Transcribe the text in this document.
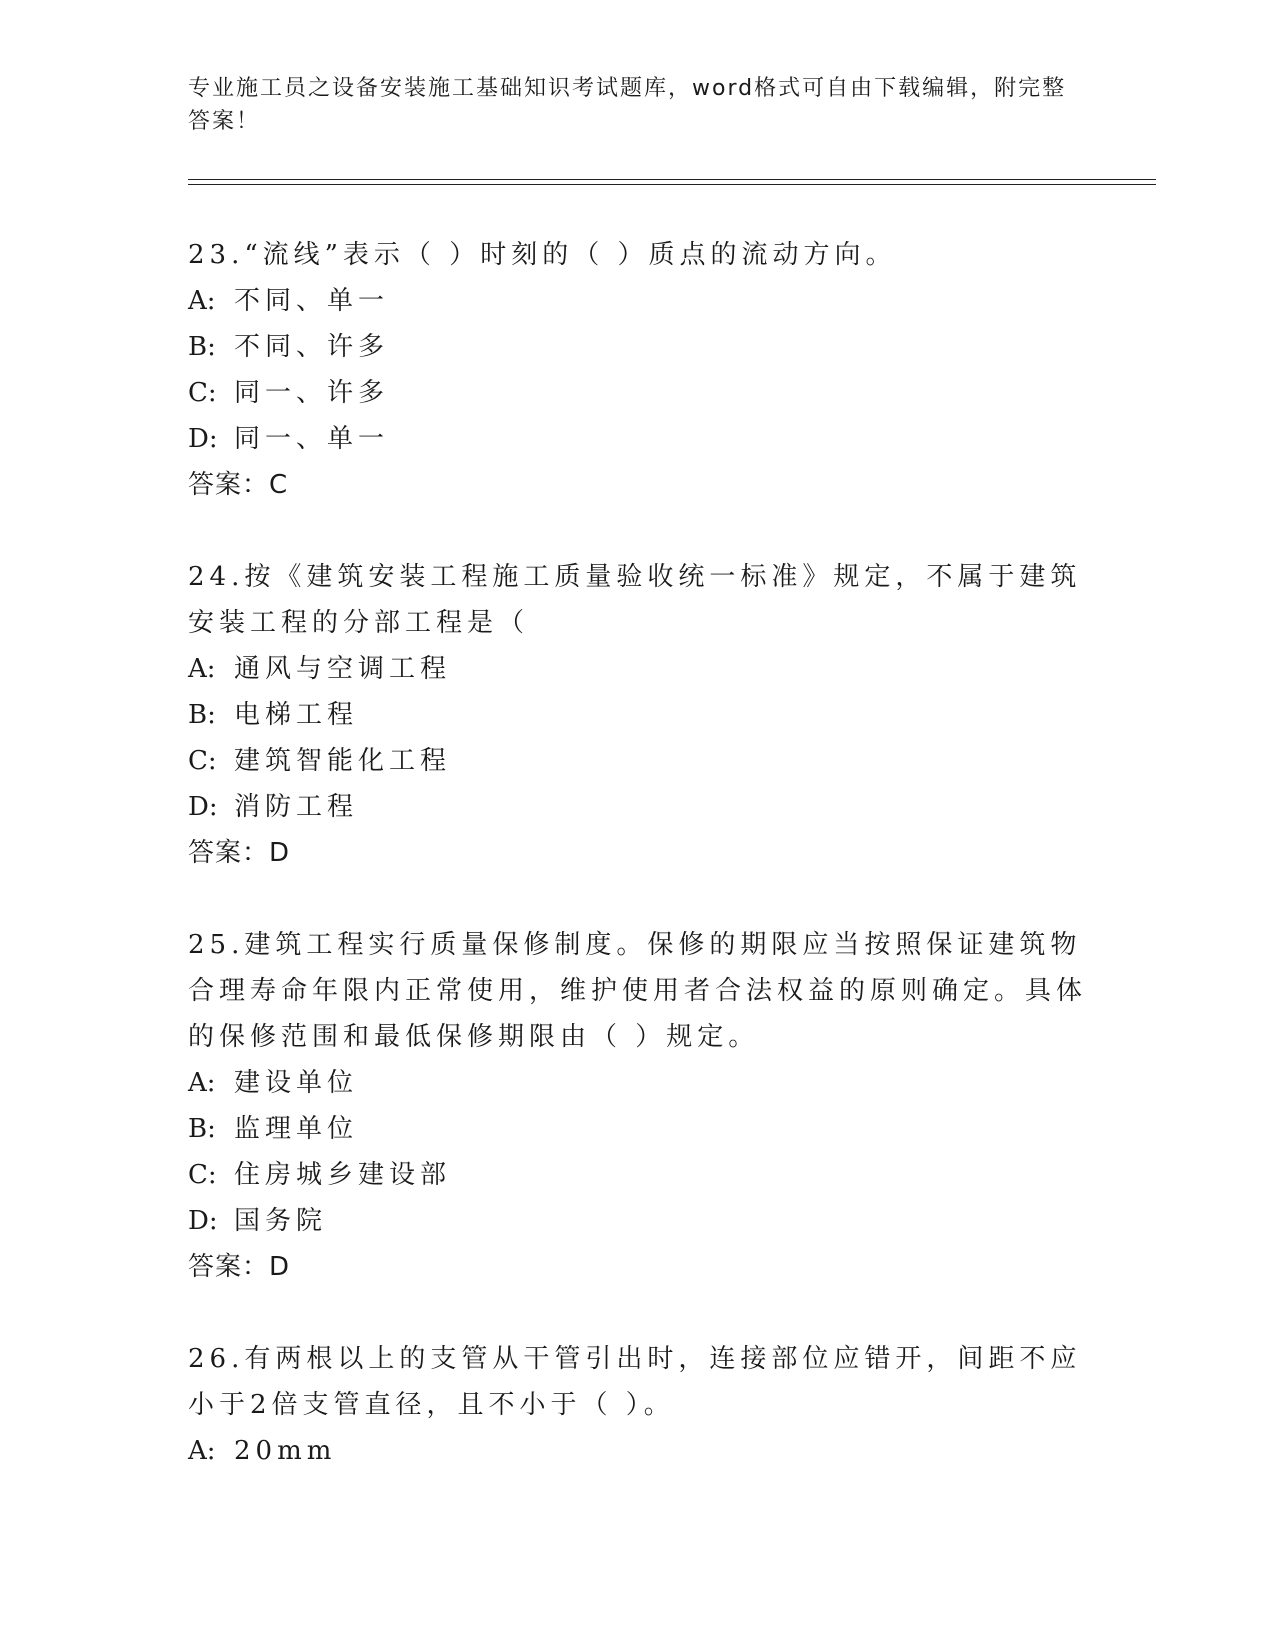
专业施工员之设备安装施工基础知识考试题库，word格式可自由下载编辑，附完整答案！

23.“流线”表示（ ）时刻的（ ）质点的流动方向。

A: 不同、单一

B: 不同、许多

C: 同一、许多

D: 同一、单一

答案：C

24.按《建筑安装工程施工质量验收统一标准》规定，不属于建筑安装工程的分部工程是（

A: 通风与空调工程

B: 电梯工程

C: 建筑智能化工程

D: 消防工程

答案：D

25.建筑工程实行质量保修制度。保修的期限应当按照保证建筑物合理寿命年限内正常使用，维护使用者合法权益的原则确定。具体的保修范围和最低保修期限由（ ）规定。

A: 建设单位

B: 监理单位

C: 住房城乡建设部

D: 国务院

答案：D

26.有两根以上的支管从干管引出时，连接部位应错开，间距不应小于2倍支管直径，且不小于（ ）。

A: 20mm
